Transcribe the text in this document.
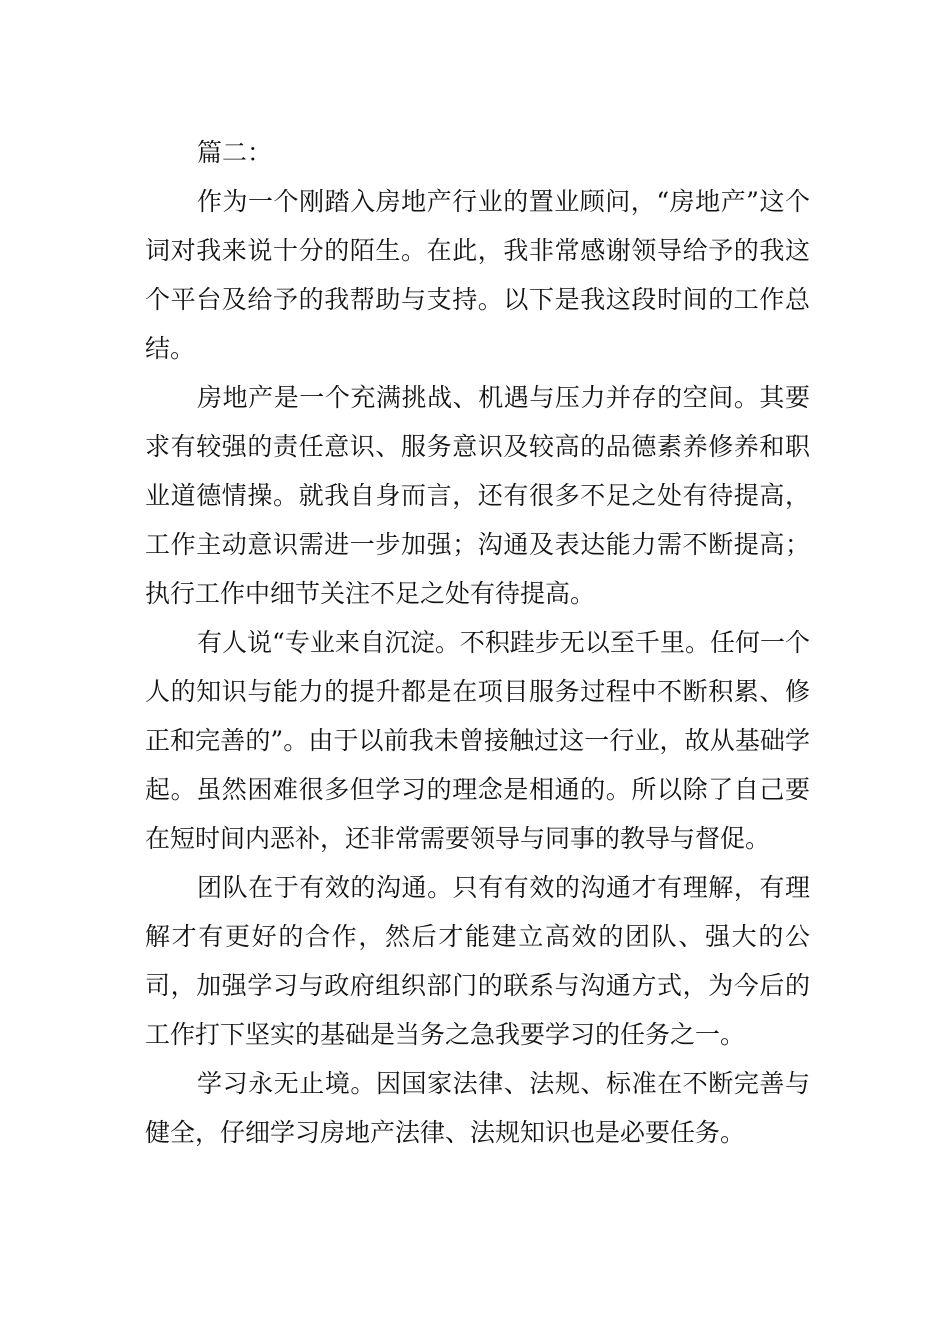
篇二：

作为一个刚踏入房地产行业的置业顾问，“房地产”这个词对我来说十分的陌生。在此，我非常感谢领导给予的我这个平台及给予的我帮助与支持。以下是我这段时间的工作总结。

房地产是一个充满挑战、机遇与压力并存的空间。其要求有较强的责任意识、服务意识及较高的品德素养修养和职业道德情操。就我自身而言，还有很多不足之处有待提高，工作主动意识需进一步加强；沟通及表达能力需不断提高；执行工作中细节关注不足之处有待提高。

有人说“专业来自沉淀。不积跬步无以至千里。任何一个人的知识与能力的提升都是在项目服务过程中不断积累、修正和完善的”。由于以前我未曾接触过这一行业，故从基础学起。虽然困难很多但学习的理念是相通的。所以除了自己要在短时间内恶补，还非常需要领导与同事的教导与督促。

团队在于有效的沟通。只有有效的沟通才有理解，有理解才有更好的合作，然后才能建立高效的团队、强大的公司，加强学习与政府组织部门的联系与沟通方式，为今后的工作打下坚实的基础是当务之急我要学习的任务之一。

学习永无止境。因国家法律、法规、标准在不断完善与健全，仔细学习房地产法律、法规知识也是必要任务。
